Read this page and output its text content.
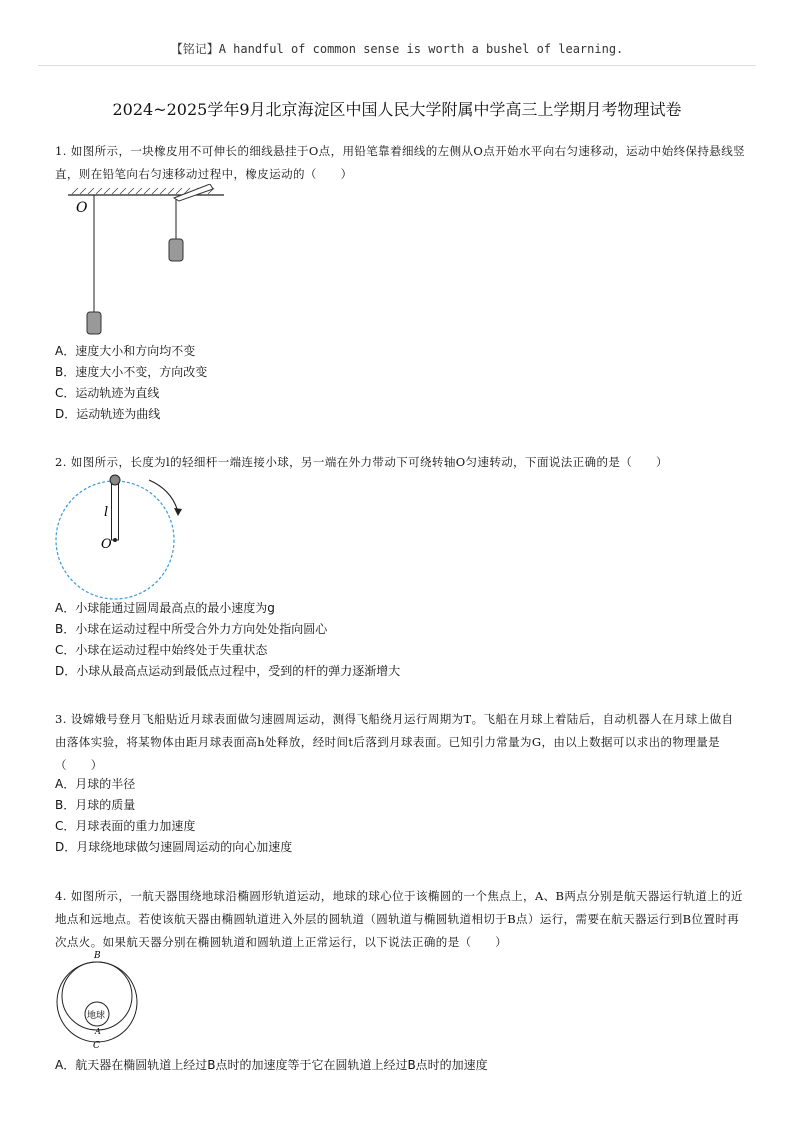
【铭记】A handful of common sense is worth a bushel of learning.
2024~2025学年9月北京海淀区中国人民大学附属中学高三上学期月考物理试卷
1. 如图所示，一块橡皮用不可伸长的细线悬挂于O点，用铅笔靠着细线的左侧从O点开始水平向右匀速移动，运动中始终保持悬线竖直，则在铅笔向右匀速移动过程中，橡皮运动的（　　）
O
A．速度大小和方向均不变
B．速度大小不变，方向改变
C．运动轨迹为直线
D．运动轨迹为曲线
2. 如图所示，长度为l的轻细杆一端连接小球，另一端在外力带动下可绕转轴O匀速转动，下面说法正确的是（　　）
l
O
A．小球能通过圆周最高点的最小速度为g
B．小球在运动过程中所受合外力方向处处指向圆心
C．小球在运动过程中始终处于失重状态
D．小球从最高点运动到最低点过程中，受到的杆的弹力逐渐增大
3. 设嫦娥号登月飞船贴近月球表面做匀速圆周运动，测得飞船绕月运行周期为T。飞船在月球上着陆后，自动机器人在月球上做自由落体实验，将某物体由距月球表面高h处释放，经时间t后落到月球表面。已知引力常量为G，由以上数据可以求出的物理量是（　　）
A．月球的半径
B．月球的质量
C．月球表面的重力加速度
D．月球绕地球做匀速圆周运动的向心加速度
4. 如图所示，一航天器围绕地球沿椭圆形轨道运动，地球的球心位于该椭圆的一个焦点上，A、B两点分别是航天器运行轨道上的近地点和远地点。若使该航天器由椭圆轨道进入外层的圆轨道（圆轨道与椭圆轨道相切于B点）运行，需要在航天器运行到B位置时再次点火。如果航天器分别在椭圆轨道和圆轨道上正常运行，以下说法正确的是（　　）
B
地球
A
C
A．航天器在椭圆轨道上经过B点时的加速度等于它在圆轨道上经过B点时的加速度
